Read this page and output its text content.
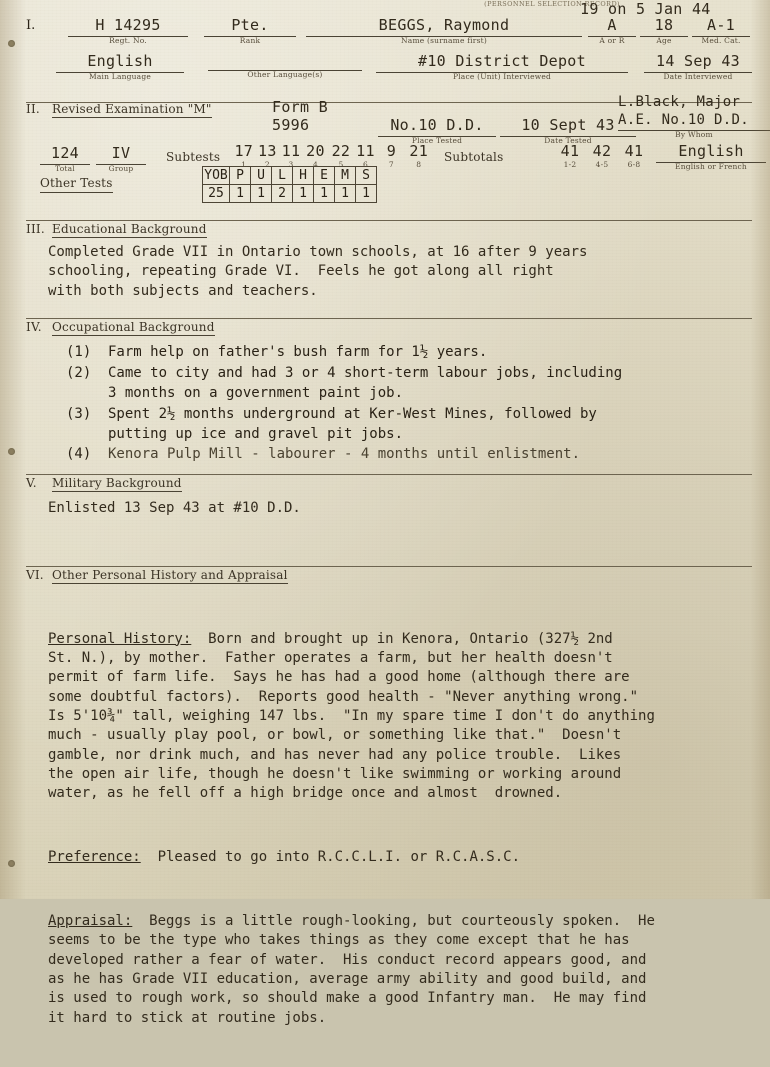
(PERSONNEL SELECTION RECORD)
I.	H 14295
Regt. No.
Pte.
Rank
BEGGS, Raymond
Name (surname first)
A
A or R
18
Age
A-1
Med. Cat.
19 on 5 Jan 44
English
Main Language	Other Language(s)
#10 District Depot
Place (Unit) Interviewed
14 Sep 43
Date Interviewed
II. Revised Examination "M"	Form B
5996	No.10 D.D.
Place Tested
10 Sept 43
Date Tested
L.Black, Major
A.E. No.10 D.D.
By Whom
124
Total
IV
Group
Subtests 17
1
13
2
11
3
20
4
22
5
11
6
9
7
21
8
Subtotals	41
1-2
42
4-5
41
6-8
English
English or French
Other Tests	YOB	P	U	L	H	E	M	S
25	1	1	2	1	1	1	1
III. Educational Background
Completed Grade VII in Ontario town schools, at 16 after 9 years
schooling, repeating Grade VI.  Feels he got along all right
with both subjects and teachers.
IV. Occupational Background
(1)	Farm help on father's bush farm for 1½ years.
(2)	Came to city and had 3 or 4 short-term labour jobs, including
3 months on a government paint job.
(3)	Spent 2½ months underground at Ker-West Mines, followed by
putting up ice and gravel pit jobs.
(4)	Kenora Pulp Mill - labourer - 4 months until enlistment.
V. Military Background
Enlisted 13 Sep 43 at #10 D.D.
VI. Other Personal History and Appraisal

Personal History:  Born and brought up in Kenora, Ontario (327½ 2nd
St. N.), by mother.  Father operates a farm, but her health doesn't
permit of farm life.  Says he has had a good home (although there are
some doubtful factors).  Reports good health - "Never anything wrong."
Is 5'10¾" tall, weighing 147 lbs.  "In my spare time I don't do anything
much - usually play pool, or bowl, or something like that."  Doesn't
gamble, nor drink much, and has never had any police trouble.  Likes
the open air life, though he doesn't like swimming or working around
water, as he fell off a high bridge once and almost  drowned.

Preference:  Pleased to go into R.C.C.L.I. or R.C.A.S.C.

Appraisal:  Beggs is a little rough-looking, but courteously spoken.  He
seems to be the type who takes things as they come except that he has
developed rather a fear of water.  His conduct record appears good, and
as he has Grade VII education, average army ability and good build, and
is used to rough work, so should make a good Infantry man.  He may find
it hard to stick at routine jobs.
